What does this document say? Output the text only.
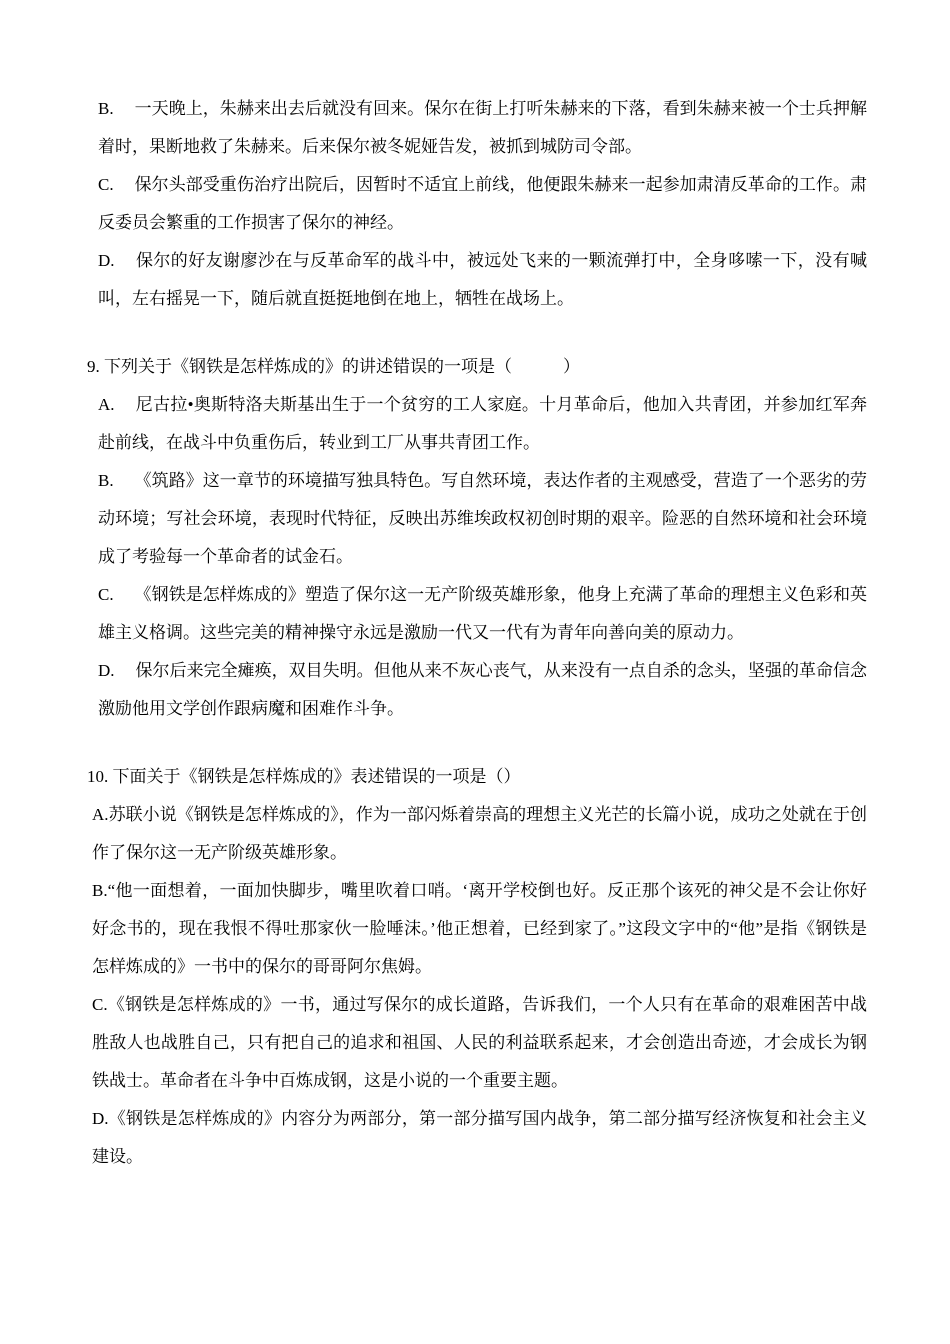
B. 一天晚上，朱赫来出去后就没有回来。保尔在街上打听朱赫来的下落，看到朱赫来被一个士兵押解着时，果断地救了朱赫来。后来保尔被冬妮娅告发，被抓到城防司令部。

C. 保尔头部受重伤治疗出院后，因暂时不适宜上前线，他便跟朱赫来一起参加肃清反革命的工作。肃反委员会繁重的工作损害了保尔的神经。

D. 保尔的好友谢廖沙在与反革命军的战斗中，被远处飞来的一颗流弹打中，全身哆嗦一下，没有喊叫，左右摇晃一下，随后就直挺挺地倒在地上，牺牲在战场上。

9. 下列关于《钢铁是怎样炼成的》的讲述错误的一项是（　　　）

A. 尼古拉•奥斯特洛夫斯基出生于一个贫穷的工人家庭。十月革命后，他加入共青团，并参加红军奔赴前线，在战斗中负重伤后，转业到工厂从事共青团工作。

B. 《筑路》这一章节的环境描写独具特色。写自然环境，表达作者的主观感受，营造了一个恶劣的劳动环境；写社会环境，表现时代特征，反映出苏维埃政权初创时期的艰辛。险恶的自然环境和社会环境成了考验每一个革命者的试金石。

C. 《钢铁是怎样炼成的》塑造了保尔这一无产阶级英雄形象，他身上充满了革命的理想主义色彩和英雄主义格调。这些完美的精神操守永远是激励一代又一代有为青年向善向美的原动力。

D. 保尔后来完全瘫痪，双目失明。但他从来不灰心丧气，从来没有一点自杀的念头，坚强的革命信念激励他用文学创作跟病魔和困难作斗争。

10. 下面关于《钢铁是怎样炼成的》表述错误的一项是（）

A.苏联小说《钢铁是怎样炼成的》，作为一部闪烁着崇高的理想主义光芒的长篇小说，成功之处就在于创作了保尔这一无产阶级英雄形象。

B.“他一面想着，一面加快脚步，嘴里吹着口哨。‘离开学校倒也好。反正那个该死的神父是不会让你好好念书的，现在我恨不得吐那家伙一脸唾沫。’他正想着，已经到家了。”这段文字中的“他”是指《钢铁是怎样炼成的》一书中的保尔的哥哥阿尔焦姆。

C.《钢铁是怎样炼成的》一书，通过写保尔的成长道路，告诉我们，一个人只有在革命的艰难困苦中战胜敌人也战胜自己，只有把自己的追求和祖国、人民的利益联系起来，才会创造出奇迹，才会成长为钢铁战士。革命者在斗争中百炼成钢，这是小说的一个重要主题。

D.《钢铁是怎样炼成的》内容分为两部分，第一部分描写国内战争，第二部分描写经济恢复和社会主义建设。
